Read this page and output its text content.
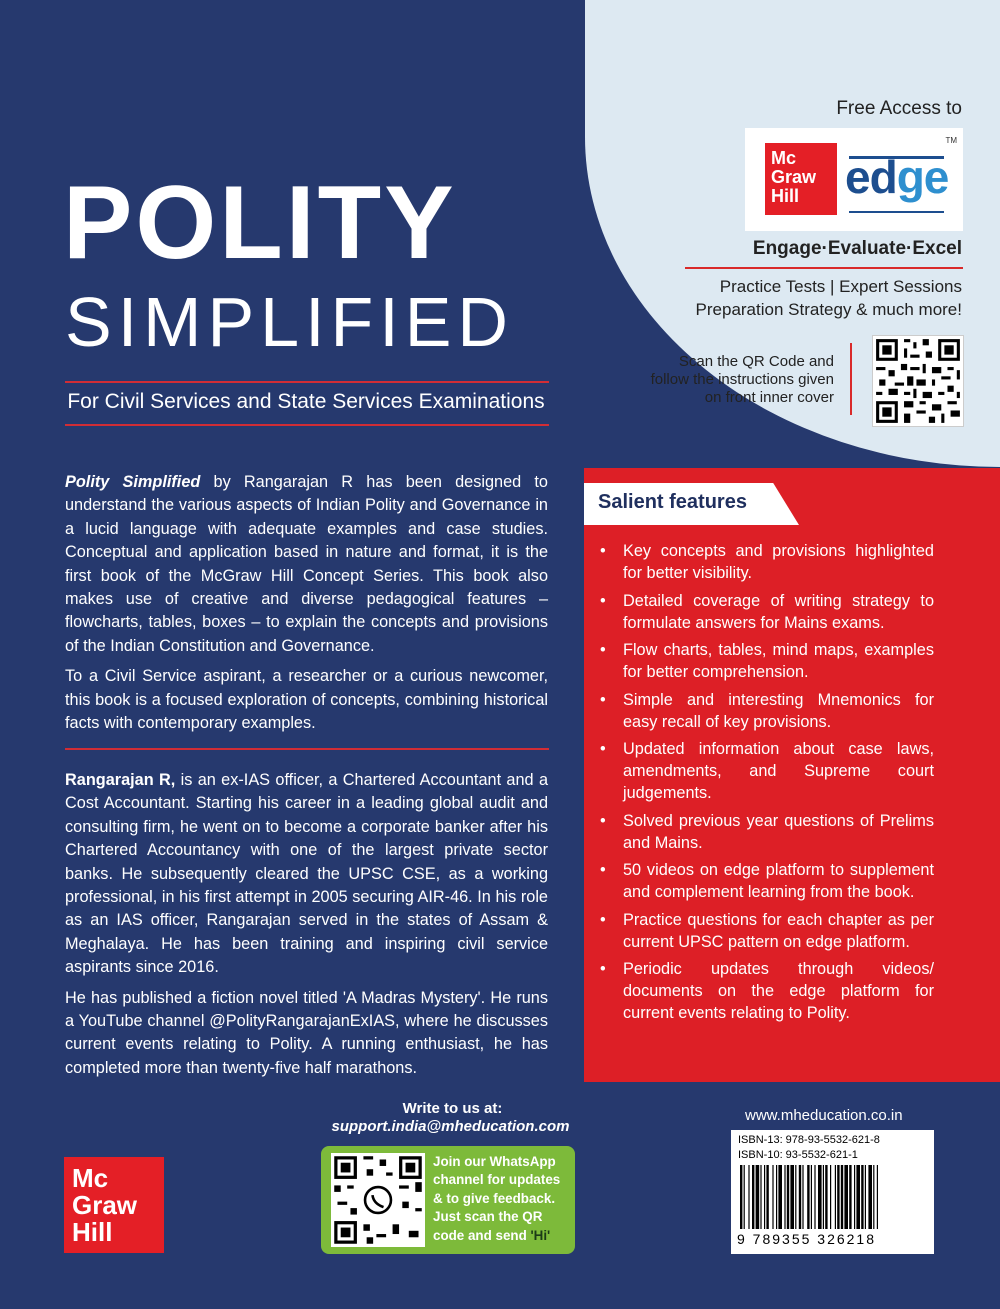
Free Access to
Mc
Graw
Hill edge
TM
Engage·Evaluate·Excel
Practice Tests | Expert Sessions
Preparation Strategy & much more!
Scan the QR Code and
follow the instructions given
on front inner cover
POLITY
SIMPLIFIED
For Civil Services and State Services Examinations

Polity Simplified by Rangarajan R has been designed to understand the various aspects of Indian Polity and Governance in a lucid language with adequate examples and case studies. Conceptual and application based in nature and format, it is the first book of the McGraw Hill Concept Series. This book also makes use of creative and diverse pedagogical features – flowcharts, tables, boxes – to explain the concepts and provisions of the Indian Constitution and Governance.

To a Civil Service aspirant, a researcher or a curious newcomer, this book is a focused exploration of concepts, combining historical facts with contemporary examples.

Rangarajan R, is an ex-IAS officer, a Chartered Accountant and a Cost Accountant. Starting his career in a leading global audit and consulting firm, he went on to become a corporate banker after his Chartered Accountancy with one of the largest private sector banks. He subsequently cleared the UPSC CSE, as a working professional, in his first attempt in 2005 securing AIR-46. In his role as an IAS officer, Rangarajan served in the states of Assam & Meghalaya. He has been training and inspiring civil service aspirants since 2016.

He has published a fiction novel titled 'A Madras Mystery'. He runs a YouTube channel @PolityRangarajanExIAS, where he discusses current events relating to Polity. A running enthusiast, he has completed more than twenty-five half marathons.

Salient features
• Key concepts and provisions highlighted for better visibility.
• Detailed coverage of writing strategy to formulate answers for Mains exams.
• Flow charts, tables, mind maps, examples for better comprehension.
• Simple and interesting Mnemonics for easy recall of key provisions.
• Updated information about case laws, amendments, and Supreme court judgements.
• Solved previous year questions of Prelims and Mains.
• 50 videos on edge platform to supplement and complement learning from the book.
• Practice questions for each chapter as per current UPSC pattern on edge platform.
• Periodic updates through videos/ documents on the edge platform for current events relating to Polity.
Write to us at:
support.india@mheducation.com
Join our WhatsApp channel for updates & to give feedback. Just scan the QR code and send 'Hi'
Mc
Graw
Hill
www.mheducation.co.in
ISBN-13: 978-93-5532-621-8
ISBN-10: 93-5532-621-1
9 789355 326218
